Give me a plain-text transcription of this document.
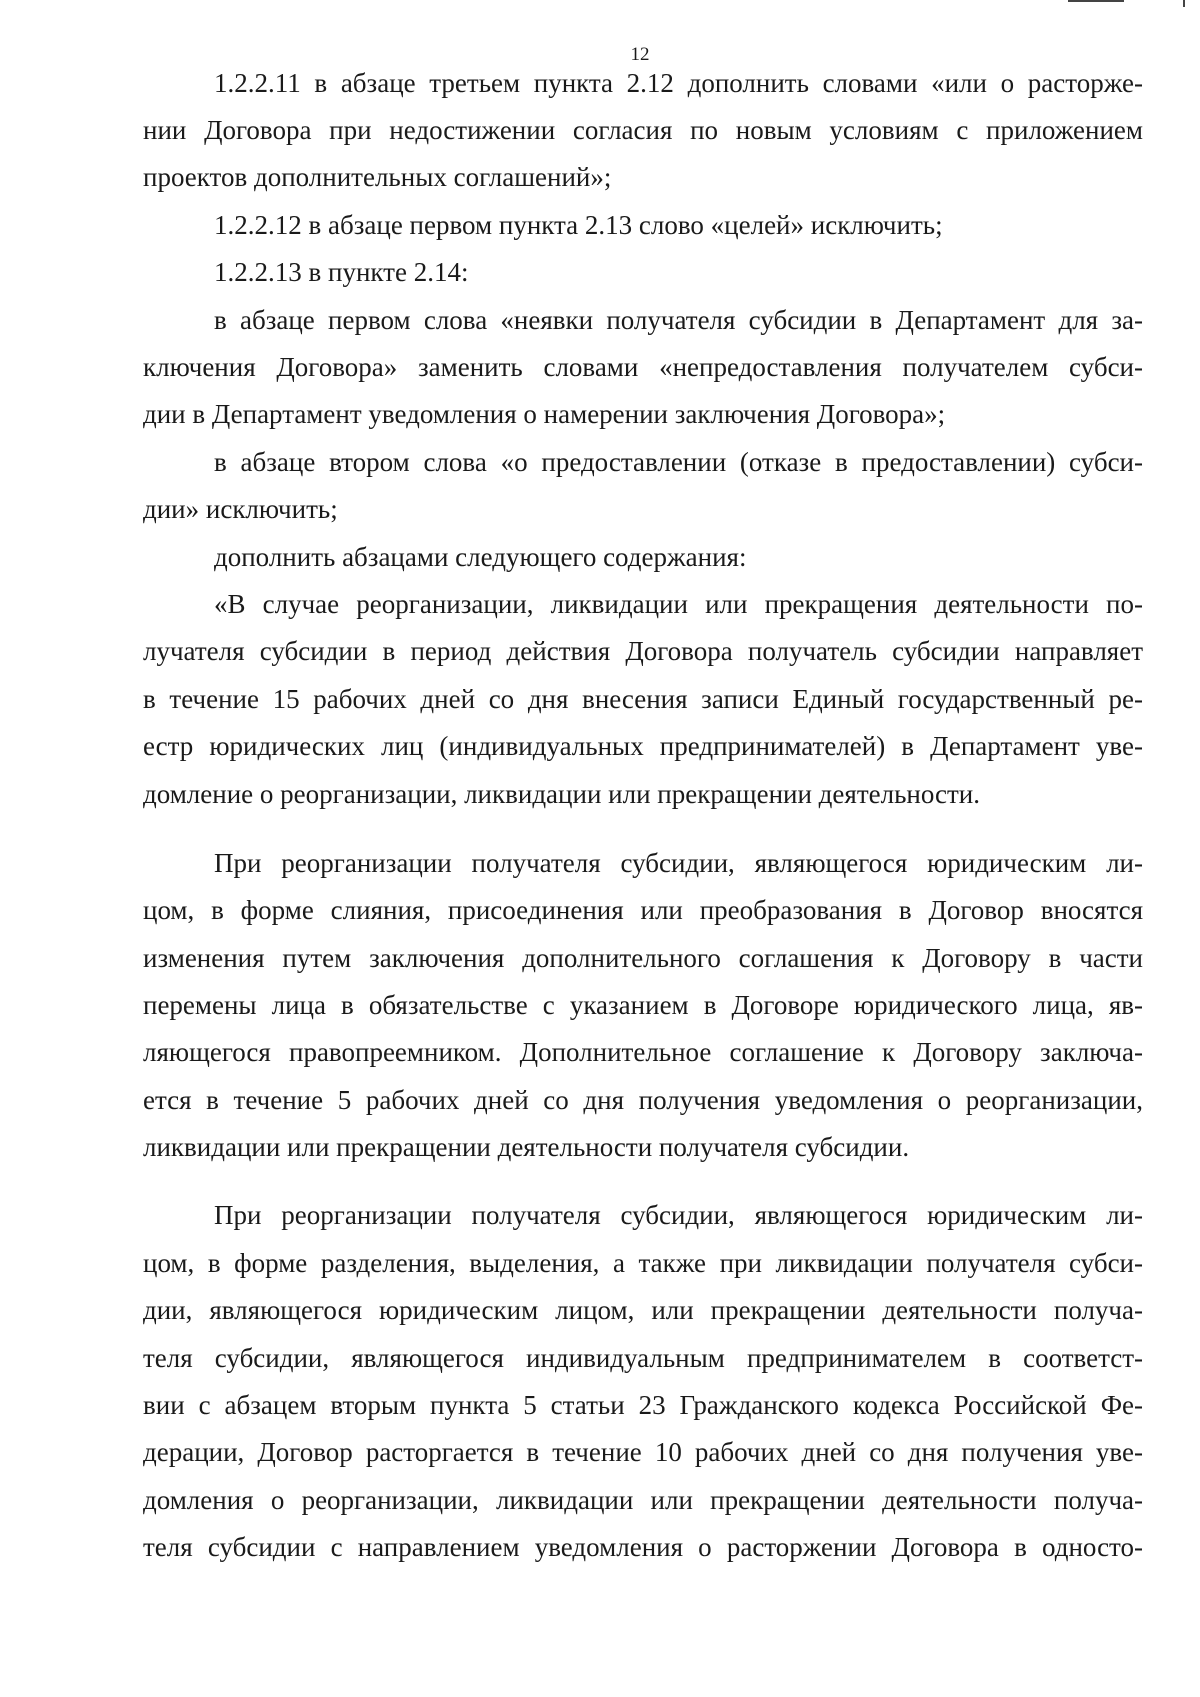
12

1.2.2.11 в абзаце третьем пункта 2.12 дополнить словами «или о расторже-

нии Договора при недостижении согласия по новым условиям с приложением

проектов дополнительных соглашений»;

1.2.2.12 в абзаце первом пункта 2.13 слово «целей» исключить;

1.2.2.13 в пункте 2.14:

в абзаце первом слова «неявки получателя субсидии в Департамент для за-

ключения Договора» заменить словами «непредоставления получателем субси-

дии в Департамент уведомления о намерении заключения Договора»;

в абзаце втором слова «о предоставлении (отказе в предоставлении) субси-

дии» исключить;

дополнить абзацами следующего содержания:

«В случае реорганизации, ликвидации или прекращения деятельности по-

лучателя субсидии в период действия Договора получатель субсидии направляет

в течение 15 рабочих дней со дня внесения записи Единый государственный ре-

естр юридических лиц (индивидуальных предпринимателей) в Департамент уве-

домление о реорганизации, ликвидации или прекращении деятельности.

При реорганизации получателя субсидии, являющегося юридическим ли-

цом, в форме слияния, присоединения или преобразования в Договор вносятся

изменения путем заключения дополнительного соглашения к Договору в части

перемены лица в обязательстве с указанием в Договоре юридического лица, яв-

ляющегося правопреемником. Дополнительное соглашение к Договору заключа-

ется в течение 5 рабочих дней со дня получения уведомления о реорганизации,

ликвидации или прекращении деятельности получателя субсидии.

При реорганизации получателя субсидии, являющегося юридическим ли-

цом, в форме разделения, выделения, а также при ликвидации получателя субси-

дии, являющегося юридическим лицом, или прекращении деятельности получа-

теля субсидии, являющегося индивидуальным предпринимателем в соответст-

вии с абзацем вторым пункта 5 статьи 23 Гражданского кодекса Российской Фе-

дерации, Договор расторгается в течение 10 рабочих дней со дня получения уве-

домления о реорганизации, ликвидации или прекращении деятельности получа-

теля субсидии с направлением уведомления о расторжении Договора в односто-
